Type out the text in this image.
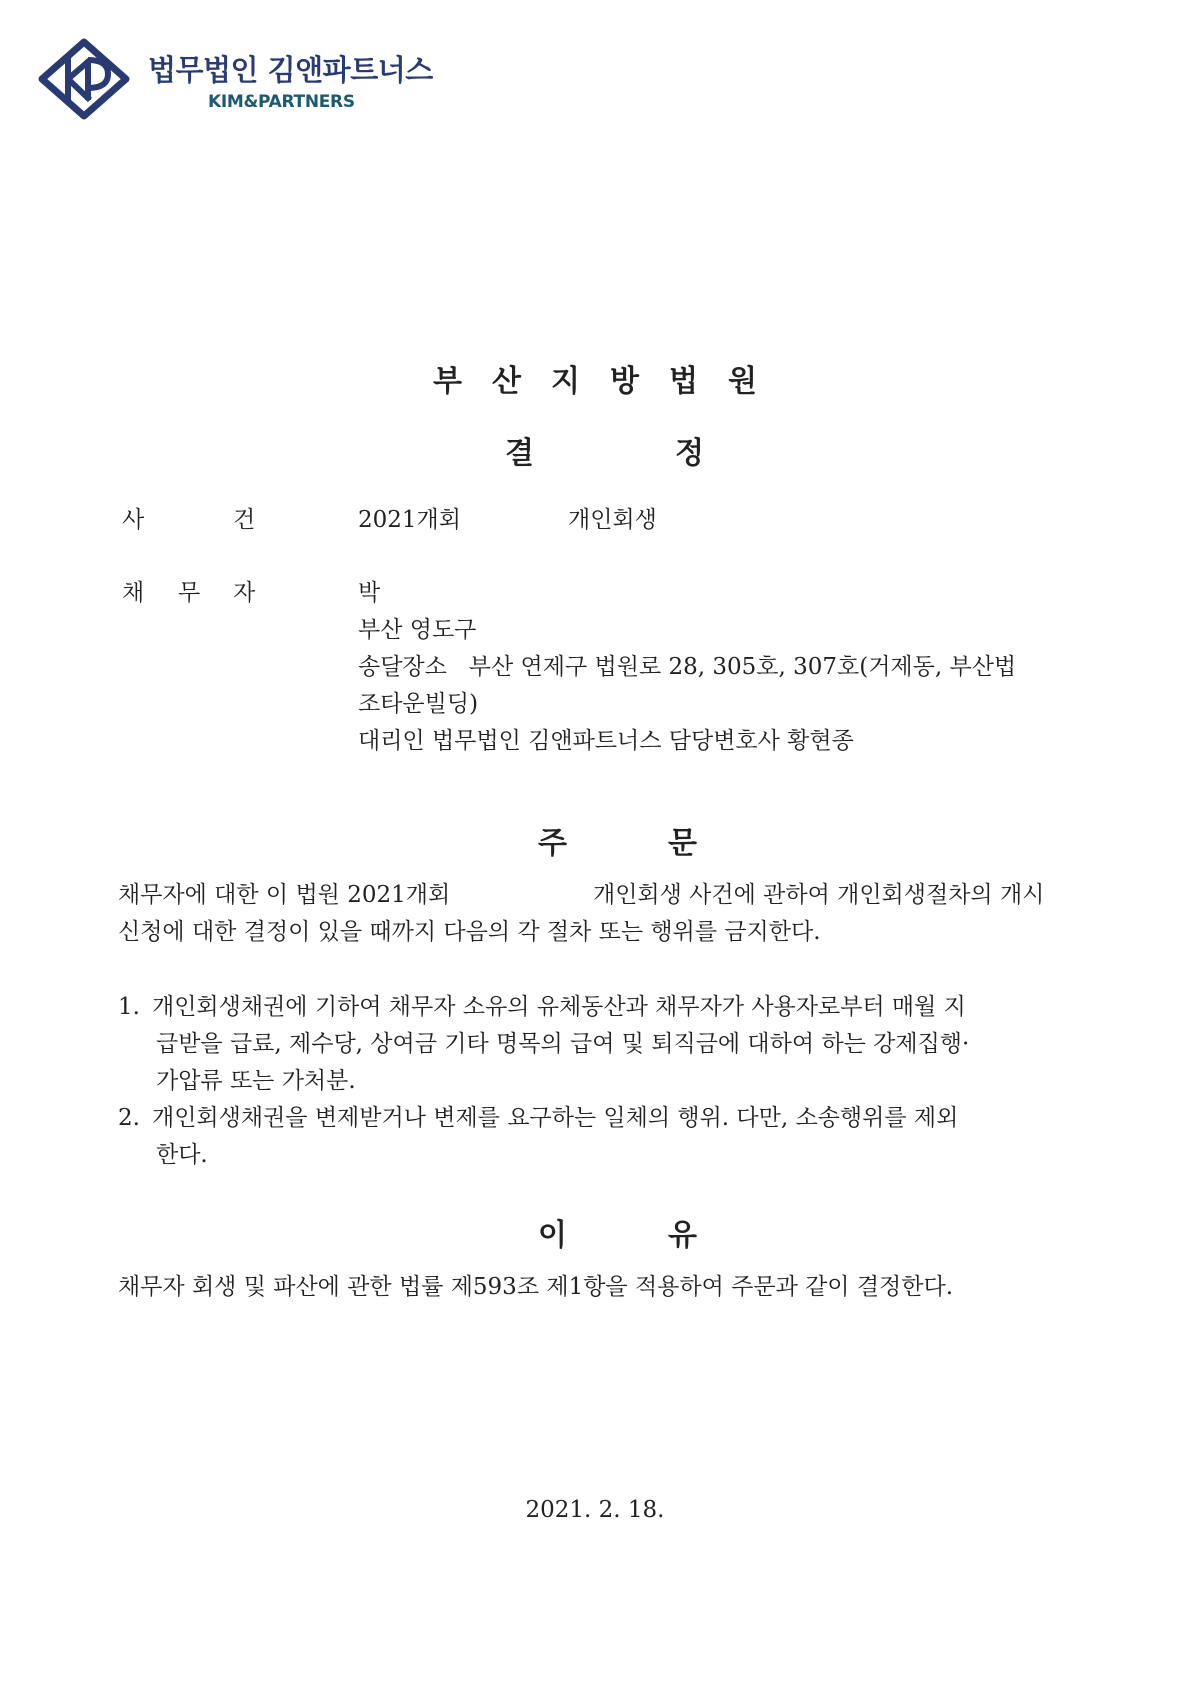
법무법인 김앤파트너스
KIM&PARTNERS
부산지방법원
결	정
사	건	2021개회	개인회생
채 무 자	박
부산 영도구
송달장소   부산 연제구 법원로 28, 305호, 307호(거제동, 부산법
조타운빌딩)
대리인 법무법인 김앤파트너스 담당변호사 황현종
주	문
채무자에 대한 이 법원 2021개회	개인회생 사건에 관하여 개인회생절차의 개시
신청에 대한 결정이 있을 때까지 다음의 각 절차 또는 행위를 금지한다.
1. 개인회생채권에 기하여 채무자 소유의 유체동산과 채무자가 사용자로부터 매월 지
급받을 급료, 제수당, 상여금 기타 명목의 급여 및 퇴직금에 대하여 하는 강제집행·
가압류 또는 가처분.
2. 개인회생채권을 변제받거나 변제를 요구하는 일체의 행위. 다만, 소송행위를 제외
한다.
이	유
채무자 회생 및 파산에 관한 법률 제593조 제1항을 적용하여 주문과 같이 결정한다.
2021. 2. 18.
